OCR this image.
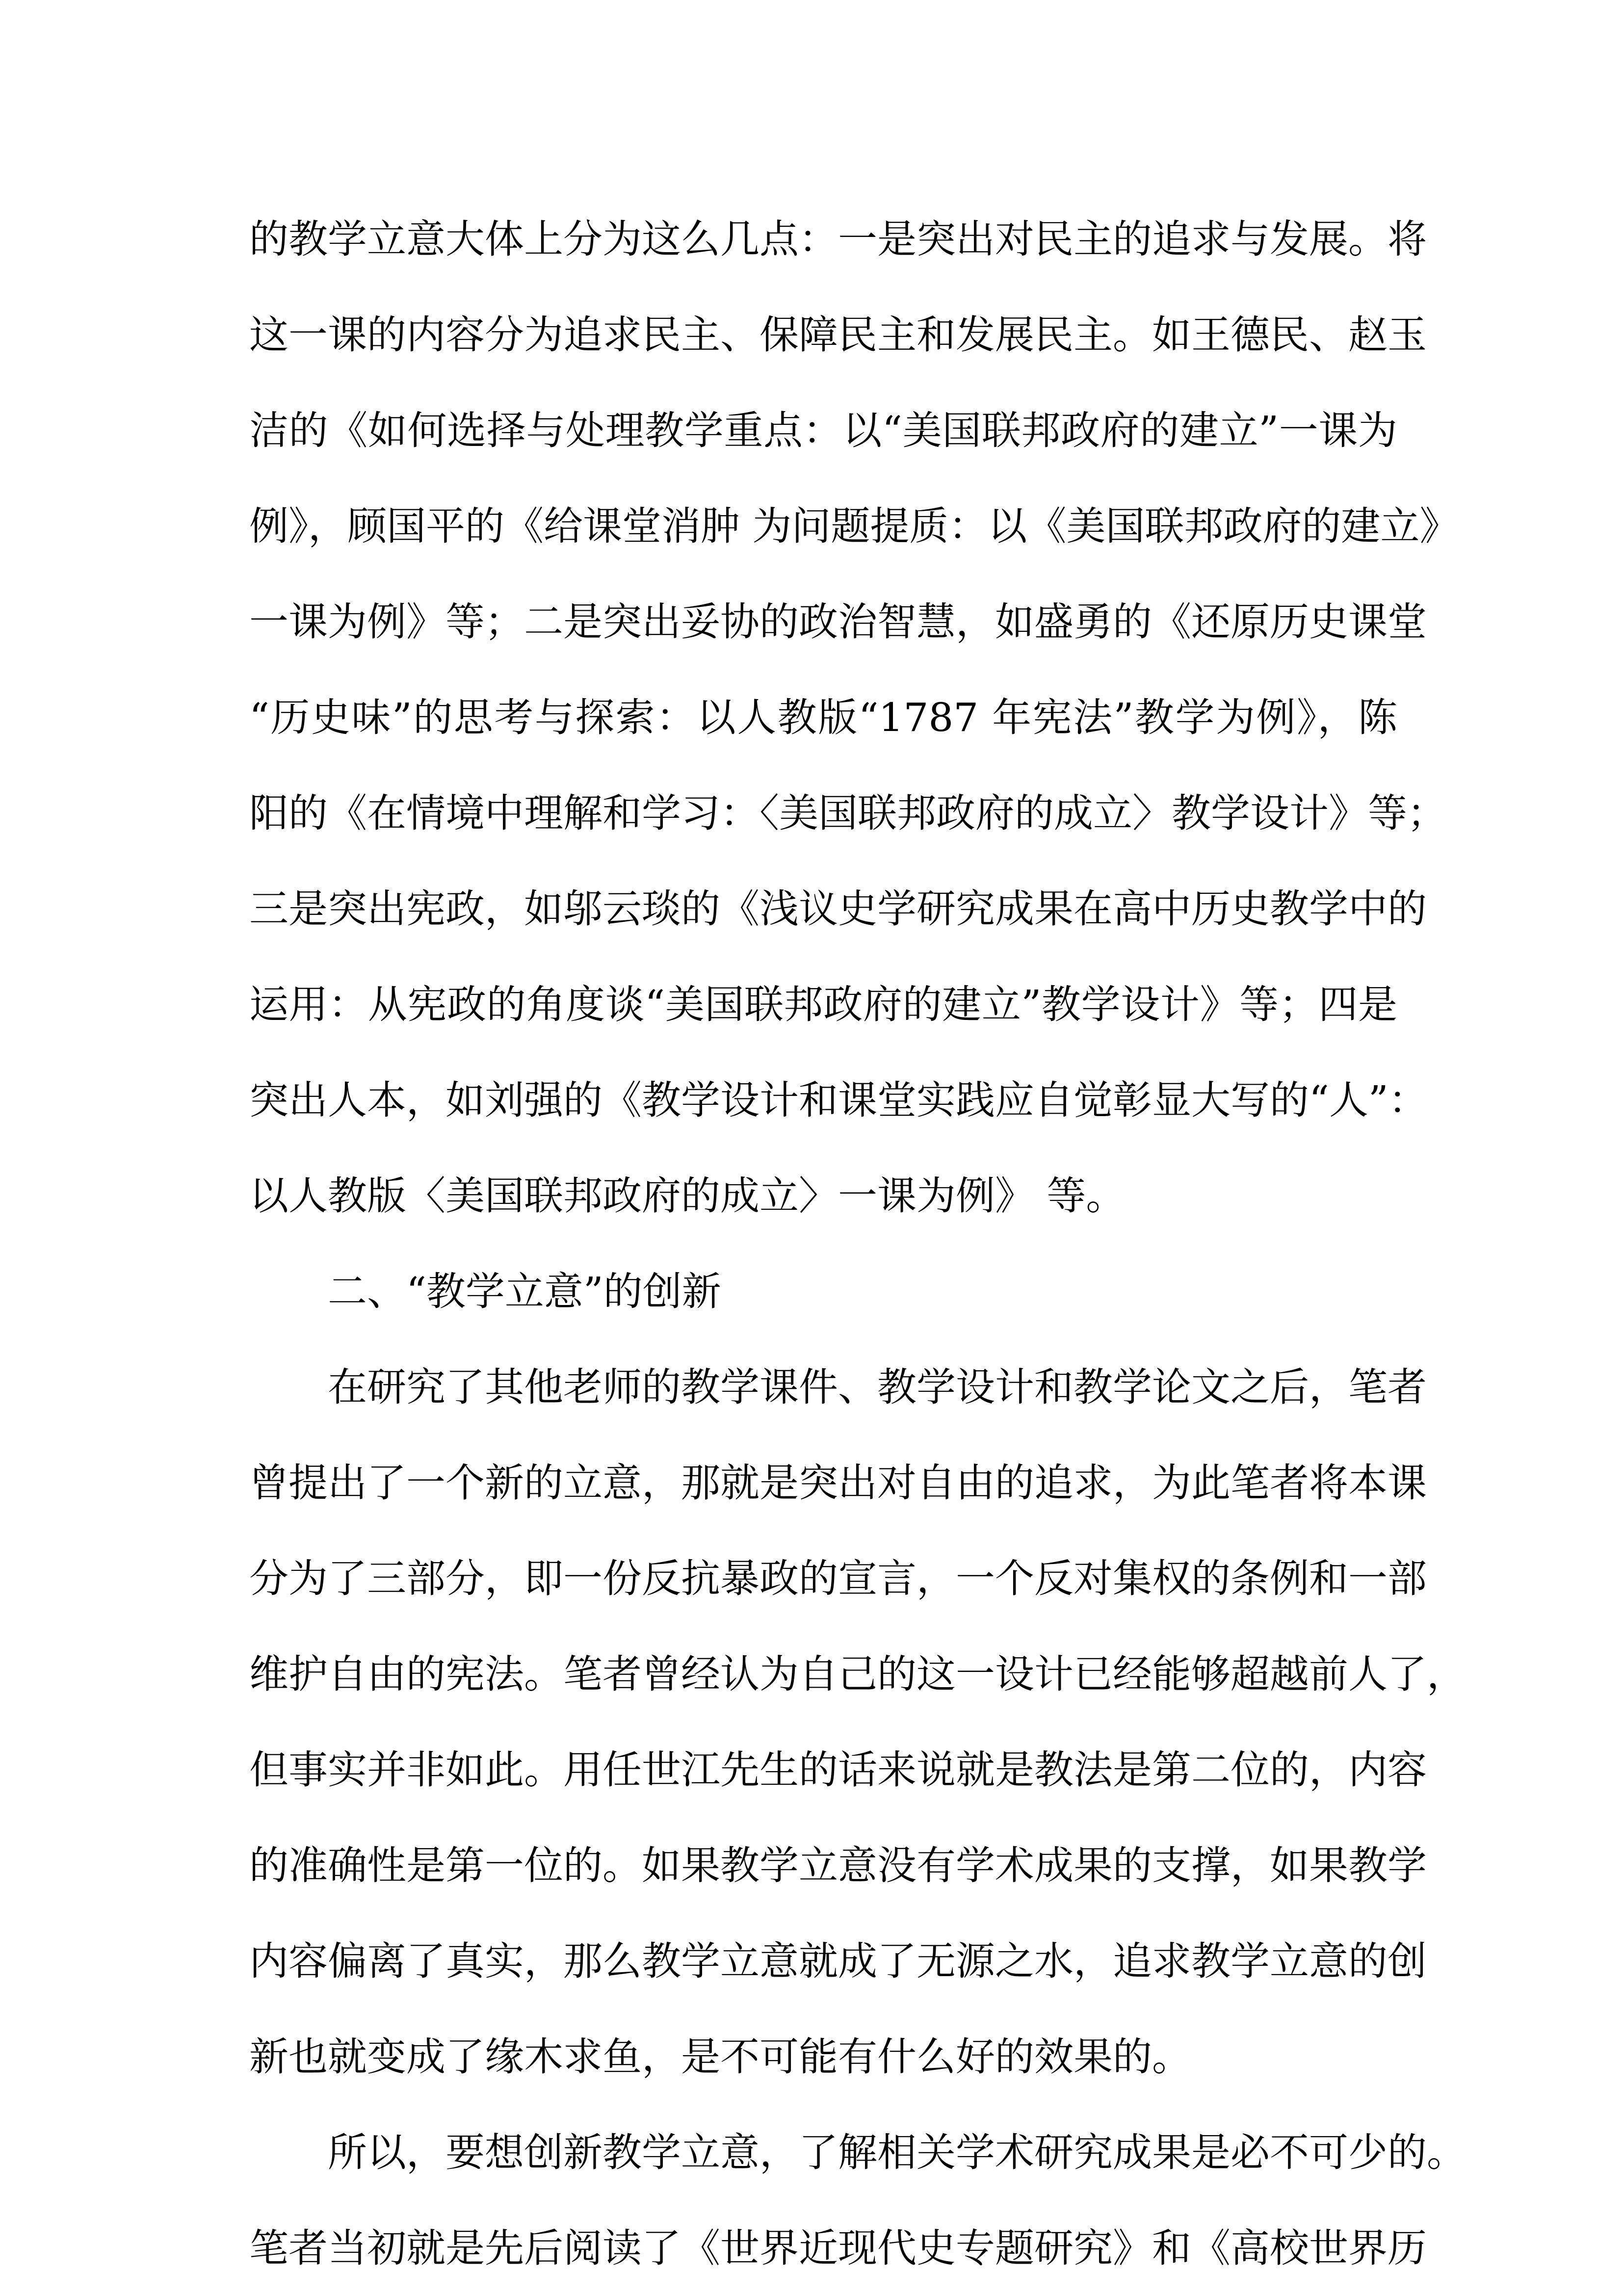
的教学立意大体上分为这么几点：一是突出对民主的追求与发展。将
这一课的内容分为追求民主、保障民主和发展民主。如王德民、赵玉
洁的《如何选择与处理教学重点：以“美国联邦政府的建立”一课为
例》，顾国平的《给课堂消肿 为问题提质：以《美国联邦政府的建立》
一课为例》等；二是突出妥协的政治智慧，如盛勇的《还原历史课堂
“历史味”的思考与探索：以人教版“1787 年宪法”教学为例》，陈
阳的《在情境中理解和学习：〈美国联邦政府的成立〉教学设计》等；
三是突出宪政，如邬云琰的《浅议史学研究成果在高中历史教学中的
运用：从宪政的角度谈“美国联邦政府的建立”教学设计》等；四是
突出人本，如刘强的《教学设计和课堂实践应自觉彰显大写的“人”：
以人教版〈美国联邦政府的成立〉一课为例》 等。
二、“教学立意”的创新
在研究了其他老师的教学课件、教学设计和教学论文之后，笔者
曾提出了一个新的立意，那就是突出对自由的追求，为此笔者将本课
分为了三部分，即一份反抗暴政的宣言，一个反对集权的条例和一部
维护自由的宪法。笔者曾经认为自己的这一设计已经能够超越前人了，
但事实并非如此。用任世江先生的话来说就是教法是第二位的，内容
的准确性是第一位的。如果教学立意没有学术成果的支撑，如果教学
内容偏离了真实，那么教学立意就成了无源之水，追求教学立意的创
新也就变成了缘木求鱼，是不可能有什么好的效果的。
所以，要想创新教学立意，了解相关学术研究成果是必不可少的。
笔者当初就是先后阅读了《世界近现代史专题研究》和《高校世界历
